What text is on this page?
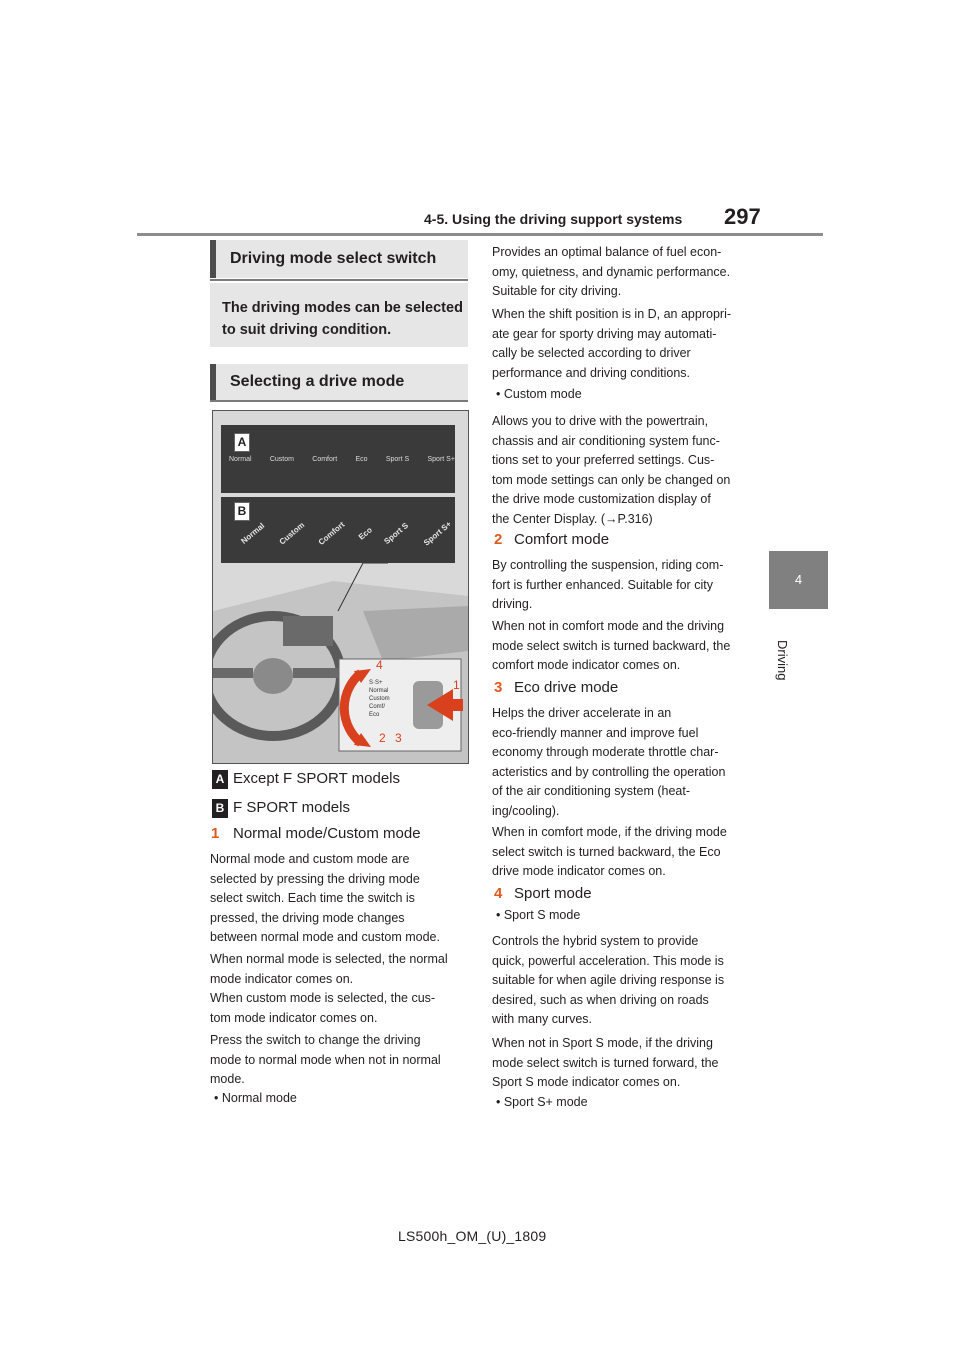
4-5. Using the driving support systems 297
4
Driving
Driving mode select switch
The driving modes can be selected
to suit driving condition.
Selecting a drive mode
A
Normal	Custom	Comfort	Eco	Sport S	Sport S+
B
Normal Custom Comfort Eco Sport S Sport S+
S·S+
Normal
Custom
Comf/
Eco
4
1
2 3
A Except F SPORT models
B F SPORT models
1 Normal mode/Custom mode
Normal mode and custom mode are
selected by pressing the driving mode
select switch. Each time the switch is
pressed, the driving mode changes
between normal mode and custom mode.
When normal mode is selected, the normal
mode indicator comes on.
When custom mode is selected, the cus-
tom mode indicator comes on.
Press the switch to change the driving
mode to normal mode when not in normal
mode.
• Normal mode
Provides an optimal balance of fuel econ-
omy, quietness, and dynamic performance.
Suitable for city driving.
When the shift position is in D, an appropri-
ate gear for sporty driving may automati-
cally be selected according to driver
performance and driving conditions.
• Custom mode
Allows you to drive with the powertrain,
chassis and air conditioning system func-
tions set to your preferred settings. Cus-
tom mode settings can only be changed on
the drive mode customization display of
the Center Display. (→P.316)
2 Comfort mode
By controlling the suspension, riding com-
fort is further enhanced. Suitable for city
driving.
When not in comfort mode and the driving
mode select switch is turned backward, the
comfort mode indicator comes on.
3 Eco drive mode
Helps the driver accelerate in an
eco-friendly manner and improve fuel
economy through moderate throttle char-
acteristics and by controlling the operation
of the air conditioning system (heat-
ing/cooling).
When in comfort mode, if the driving mode
select switch is turned backward, the Eco
drive mode indicator comes on.
4 Sport mode
• Sport S mode
Controls the hybrid system to provide
quick, powerful acceleration. This mode is
suitable for when agile driving response is
desired, such as when driving on roads
with many curves.
When not in Sport S mode, if the driving
mode select switch is turned forward, the
Sport S mode indicator comes on.
• Sport S+ mode
LS500h_OM_(U)_1809
